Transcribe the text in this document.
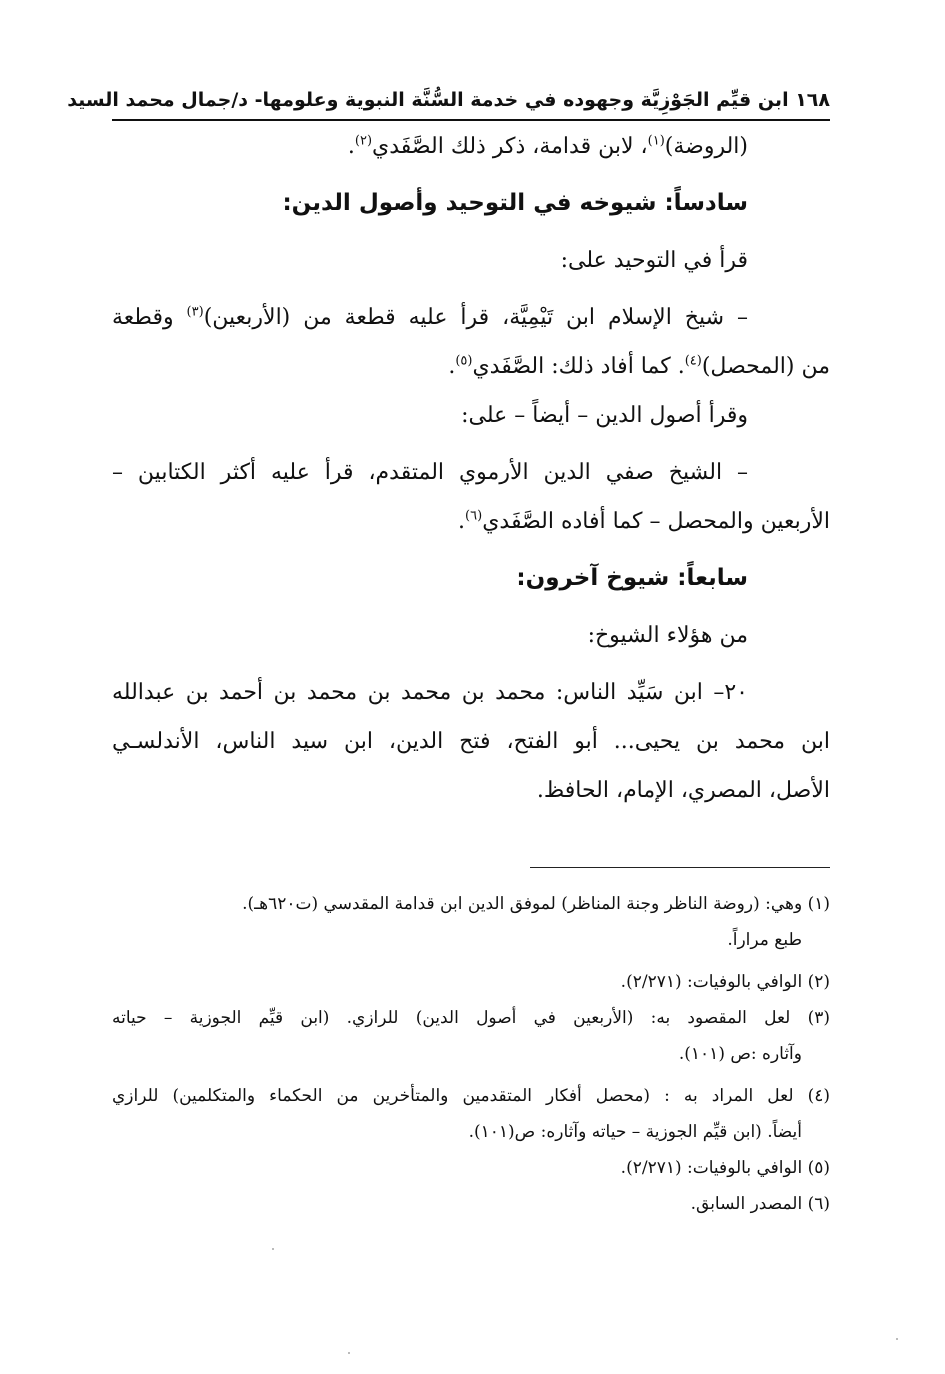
١٦٨ ابن قيِّم الجَوْزِيَّة وجهوده في خدمة السُّنَّة النبوية وعلومها- د/جمال محمد السيد
(الروضة)$^{(١)}$، لابن قدامة، ذكر ذلك الصَّفَدي$^{(٢)}$.
سادساً: شيوخه في التوحيد وأصول الدين:
قرأ في التوحيد على:
– شيخ الإسلام ابن تَيْمِيَّة، قرأ عليه قطعة من (الأربعين)$^{(٣)}$ وقطعة
من (المحصل)$^{(٤)}$. كما أفاد ذلك: الصَّفَدي$^{(٥)}$.
وقرأ أصول الدين – أيضاً – على:
– الشيخ صفي الدين الأرموي المتقدم، قرأ عليه أكثر الكتابين –
الأربعين والمحصل – كما أفاده الصَّفَدي$^{(٦)}$.
سابعاً: شيوخ آخرون:
من هؤلاء الشيوخ:
٢٠– ابن سَيِّد الناس: محمد بن محمد بن محمد بن أحمد بن عبدالله
ابن محمد بن يحيى... أبو الفتح، فتح الدين، ابن سيد الناس، الأندلسـي
الأصل، المصري، الإمام، الحافظ.
(١) وهي: (روضة الناظر وجنة المناظر) لموفق الدين ابن قدامة المقدسي (ت٦٢٠هـ).
طبع مراراً.
(٢) الوافي بالوفيات: (٢/٢٧١).
(٣) لعل المقصود به: (الأربعين في أصول الدين) للرازي. (ابن قيِّم الجوزية – حياته
وآثاره :ص (١٠١).
(٤) لعل المراد به : (محصل أفكار المتقدمين والمتأخرين من الحكماء والمتكلمين) للرازي
أيضاً. (ابن قيِّم الجوزية – حياته وآثاره: ص(١٠١).
(٥) الوافي بالوفيات: (٢/٢٧١).
(٦) المصدر السابق.
